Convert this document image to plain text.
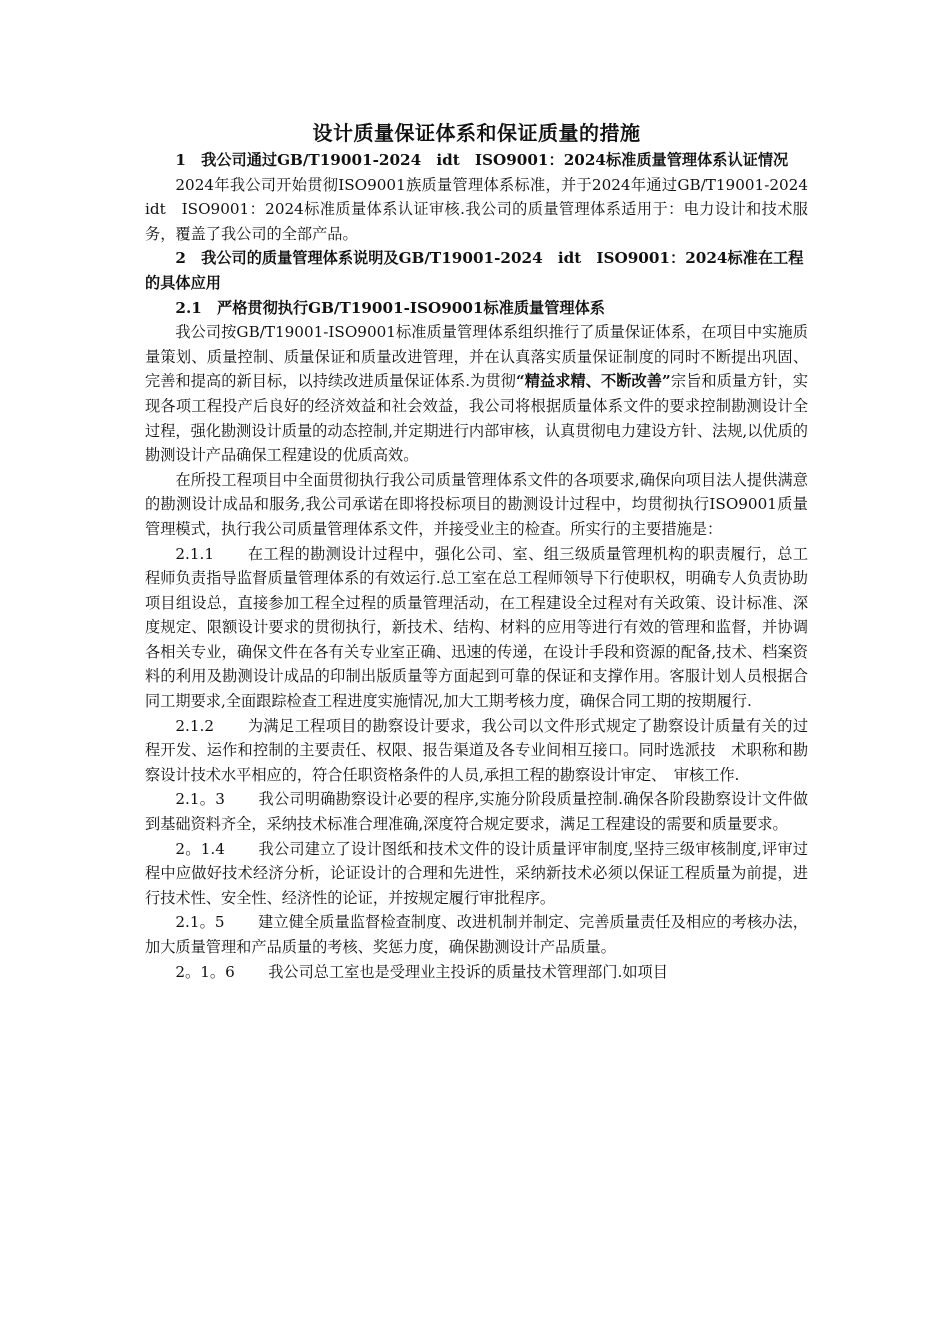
设计质量保证体系和保证质量的措施
1　我公司通过GB/T19001-2024　idt　ISO9001：2024标准质量管理体系认证情况
2024年我公司开始贯彻ISO9001族质量管理体系标准，并于2024年通过GB/T19001-2024　idt　ISO9001：2024标准质量体系认证审核.我公司的质量管理体系适用于：电力设计和技术服务，覆盖了我公司的全部产品。
2　我公司的质量管理体系说明及GB/T19001-2024　idt　ISO9001：2024标准在工程的具体应用
2.1　严格贯彻执行GB/T19001-ISO9001标准质量管理体系
我公司按GB/T19001-ISO9001标准质量管理体系组织推行了质量保证体系，在项目中实施质量策划、质量控制、质量保证和质量改进管理，并在认真落实质量保证制度的同时不断提出巩固、完善和提高的新目标，以持续改进质量保证体系.为贯彻“精益求精、不断改善”宗旨和质量方针，实现各项工程投产后良好的经济效益和社会效益，我公司将根据质量体系文件的要求控制勘测设计全过程，强化勘测设计质量的动态控制,并定期进行内部审核，认真贯彻电力建设方针、法规,以优质的勘测设计产品确保工程建设的优质高效。
在所投工程项目中全面贯彻执行我公司质量管理体系文件的各项要求,确保向项目法人提供满意的勘测设计成品和服务,我公司承诺在即将投标项目的勘测设计过程中，均贯彻执行ISO9001质量管理模式，执行我公司质量管理体系文件，并接受业主的检查。所实行的主要措施是：
2.1.1 在工程的勘测设计过程中，强化公司、室、组三级质量管理机构的职责履行，总工程师负责指导监督质量管理体系的有效运行.总工室在总工程师领导下行使职权，明确专人负责协助项目组设总，直接参加工程全过程的质量管理活动，在工程建设全过程对有关政策、设计标准、深度规定、限额设计要求的贯彻执行，新技术、结构、材料的应用等进行有效的管理和监督，并协调各相关专业，确保文件在各有关专业室正确、迅速的传递，在设计手段和资源的配备,技术、档案资料的利用及勘测设计成品的印制出版质量等方面起到可靠的保证和支撑作用。客服计划人员根据合同工期要求,全面跟踪检查工程进度实施情况,加大工期考核力度，确保合同工期的按期履行.
2.1.2 为满足工程项目的勘察设计要求，我公司以文件形式规定了勘察设计质量有关的过程开发、运作和控制的主要责任、权限、报告渠道及各专业间相互接口。同时选派技　术职称和勘察设计技术水平相应的，符合任职资格条件的人员,承担工程的勘察设计审定、　审核工作.
2.1。3 我公司明确勘察设计必要的程序,实施分阶段质量控制.确保各阶段勘察设计文件做到基础资料齐全，采纳技术标准合理准确,深度符合规定要求，满足工程建设的需要和质量要求。
2。1.4 我公司建立了设计图纸和技术文件的设计质量评审制度,坚持三级审核制度,评审过程中应做好技术经济分析，论证设计的合理和先进性，采纳新技术必须以保证工程质量为前提，进行技术性、安全性、经济性的论证，并按规定履行审批程序。
2.1。5 建立健全质量监督检查制度、改进机制并制定、完善质量责任及相应的考核办法，加大质量管理和产品质量的考核、奖惩力度，确保勘测设计产品质量。
2。1。6 我公司总工室也是受理业主投诉的质量技术管理部门.如项目
